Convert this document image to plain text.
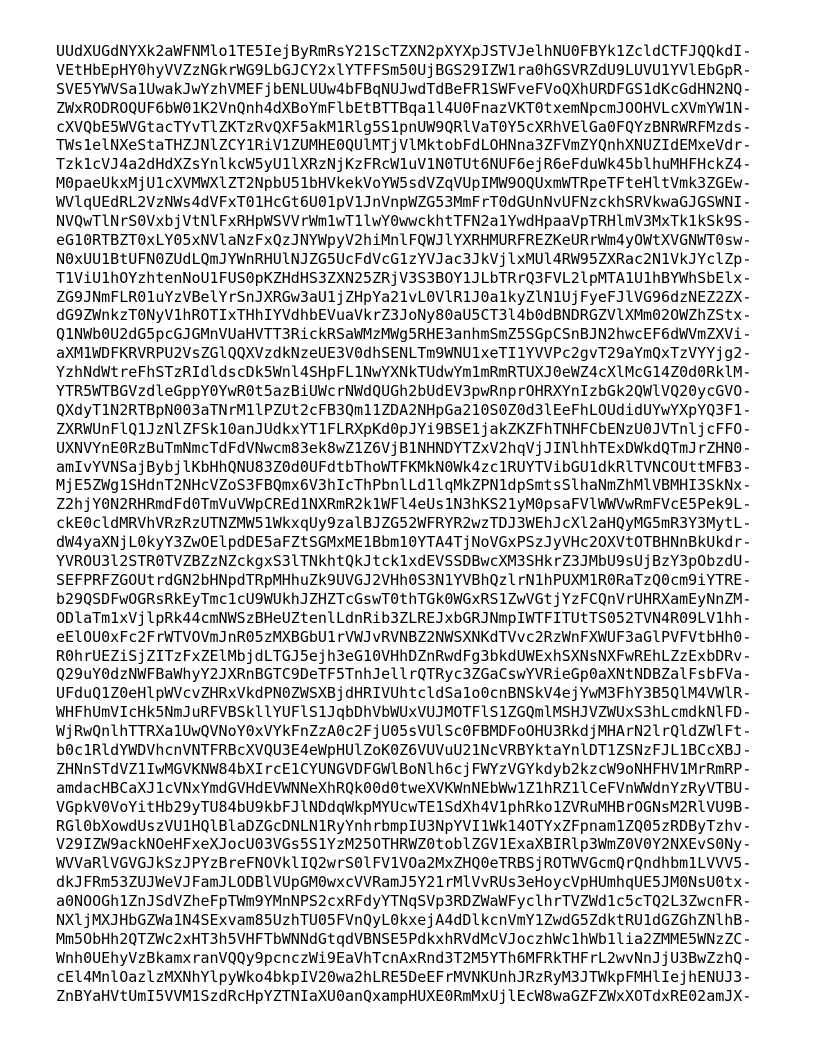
UUdXUGdNYXk2aWFNMlo1TE5IejByRmRsY21ScTZXN2pXYXpJSTVJelhNU0FBYk1ZcldCTFJQQkdI-
VEtHbEpHY0hyVVZzNGkrWG9LbGJCY2xlYTFFSm50UjBGS29IZW1ra0hGSVRZdU9LUVU1YVlEbGpR-
SVE5YWVSa1UwakJwYzhVMEFjbENLUUw4bFBqNUJwdTdBeFR1SWFveFVoQXhURDFGS1dKcGdHN2NQ-
ZWxRODROQUF6bW01K2VnQnh4dXBoYmFlbEtBTTBqa1l4U0FnazVKT0txemNpcmJOOHVLcXVmYW1N-
cXVQbE5WVGtacTYvTlZKTzRvQXF5akM1Rlg5S1pnUW9QRlVaT0Y5cXRhVElGa0FQYzBNRWRFMzds-
TWs1elNXeStaTHZJNlZCY1RiV1ZUMHE0QUlMTjVlMktobFdLOHNna3ZFVmZYQnhXNUZIdEMxeVdr-
Tzk1cVJ4a2dHdXZsYnlkcW5yU1lXRzNjKzFRcW1uV1N0TUt6NUF6ejR6eFduWk45blhuMHFHckZ4-
M0paeUkxMjU1cXVMWXlZT2NpbU51bHVkekVoYW5sdVZqVUpIMW9OQUxmWTRpeTFteHltVmk3ZGEw-
WVlqUEdRL2VzNWs4dVFxT01HcGt6U01pV1JnVnpWZG53MmFrT0dGUnNvUFNzckhSRVkwaGJGSWNI-
NVQwTlNrS0VxbjVtNlFxRHpWSVVrWm1wT1lwY0wwckhtTFN2a1YwdHpaaVpTRHlmV3MxTk1kSk9S-
eG10RTBZT0xLY05xNVlaNzFxQzJNYWpyV2hiMnlFQWJlYXRHMURFREZKeURrWm4yOWtXVGNWT0sw-
N0xUU1BtUFN0ZUdLQmJYWnRHUlNJZG5UcFdVcG1zYVJac3JkVjlxMUl4RW95ZXRac2N1VkJYclZp-
T1ViU1hOYzhtenNoU1FUS0pKZHdHS3ZXN25ZRjV3S3BOY1JLbTRrQ3FVL2lpMTA1U1hBYWhSbElx-
ZG9JNmFLR01uYzVBelYrSnJXRGw3aU1jZHpYa21vL0VlR1J0a1kyZlN1UjFyeFJlVG96dzNEZ2ZX-
dG9ZWnkzT0NyV1hROTIxTHhIYVdhbEVuaVkrZ3JoNy80aU5CT3l4b0dBNDRGZVlXMm02OWZhZStx-
Q1NWb0U2dG5pcGJGMnVUaHVTT3RickRSaWMzMWg5RHE3anhmSmZ5SGpCSnBJN2hwcEF6dWVmZXVi-
aXM1WDFKRVRPU2VsZGlQQXVzdkNzeUE3V0dhSENLTm9WNU1xeTI1YVVPc2gvT29aYmQxTzVYYjg2-
YzhNdWtreFhSTzRIdldscDk5Wnl4SHpFL1NwYXNkTUdwYm1mRmRTUXJ0eWZ4cXlMcG14Z0d0RklM-
YTR5WTBGVzdleGppY0YwR0t5azBiUWcrNWdQUGh2bUdEV3pwRnprOHRXYnIzbGk2QWlVQ20ycGVO-
QXdyT1N2RTBpN003aTNrM1lPZUt2cFB3Qm11ZDA2NHpGa210S0Z0d3lEeFhLOUdidUYwYXpYQ3F1-
ZXRWUnFlQ1JzNlZFSk10anJUdkxYT1FLRXpKd0pJYi9BSE1jakZKZFhTNHFCbENzU0JVTnljcFFO-
UXNVYnE0RzBuTmNmcTdFdVNwcm83ek8wZ1Z6VjB1NHNDYTZxV2hqVjJINlhhTExDWkdQTmJrZHN0-
amIvYVNSajBybjlKbHhQNU83Z0d0UFdtbThoWTFKMkN0Wk4zc1RUYTVibGU1dkRlTVNCOUttMFB3-
MjE5ZWg1SHdnT2NHcVZoS3FBQmx6V3hIcThPbnlLd1lqMkZPN1dpSmtsSlhaNmZhMlVBMHI3SkNx-
Z2hjY0N2RHRmdFd0TmVuVWpCREd1NXRmR2k1WFl4eUs1N3hKS21yM0psaFVlWWVwRmFVcE5Pek9L-
ckE0cldMRVhVRzRzUTNZMW51WkxqUy9zalBJZG52WFRYR2wzTDJ3WEhJcXl2aHQyMG5mR3Y3MytL-
dW4yaXNjL0kyY3ZwOElpdDE5aFZtSGMxME1Bbm10YTA4TjNoVGxPSzJyVHc2OXVtOTBHNnBkUkdr-
YVROU3l2STR0TVZBZzNZckgxS3lTNkhtQkJtck1xdEVSSDBwcXM3SHkrZ3JMbU9sUjBzY3pObzdU-
SEFPRFZGOUtrdGN2bHNpdTRpMHhuZk9UVGJ2VHh0S3N1YVBhQzlrN1hPUXM1R0RaTzQ0cm9iYTRE-
b29QSDFwOGRsRkEyTmc1cU9WUkhJZHZTcGswT0thTGk0WGxRS1ZwVGtjYzFCQnVrUHRXamEyNnZM-
ODlaTm1xVjlpRk44cmNWSzBHeUZtenlLdnRib3ZLREJxbGRJNmpIWTFITUtTS052TVN4R09LV1hh-
eElOU0xFc2FrWTVOVmJnR05zMXBGbU1rVWJvRVNBZ2NWSXNKdTVvc2RzWnFXWUF3aGlPVFVtbHh0-
R0hrUEZiSjZITzFxZElMbjdLTGJ5ejh3eG10VHhDZnRwdFg3bkdUWExhSXNsNXFwREhLZzExbDRv-
Q29uY0dzNWFBaWhyY2JXRnBGTC9DeTF5TnhJellrQTRyc3ZGaCswYVRieGp0aXNtNDBZalFsbFVa-
UFduQ1Z0eHlpWVcvZHRxVkdPN0ZWSXBjdHRIVUhtcldSa1o0cnBNSkV4ejYwM3FhY3B5QlM4VWlR-
WHFhUmVIcHk5NmJuRFVBSkllYUFlS1JqbDhVbWUxVUJMOTFlS1ZGQmlMSHJVZWUxS3hLcmdkNlFD-
WjRwQnlhTTRXa1UwQVNoY0xVYkFnZzA0c2FjU05sVUlSc0FBMDFoOHU3RkdjMHArN2lrQldZWlFt-
b0c1RldYWDVhcnVNTFRBcXVQU3E4eWpHUlZoK0Z6VUVuU21NcVRBYktaYnlDT1ZSNzFJL1BCcXBJ-
ZHNnSTdVZ1IwMGVKNW84bXIrcE1CYUNGVDFGWlBoNlh6cjFWYzVGYkdyb2kzcW9oNHFHV1MrRmRP-
amdacHBCaXJ1cVNxYmdGVHdEVWNNeXhRQk00d0tweXVKWnNEbWw1Z1hRZ1lCeFVnWWdnYzRyVTBU-
VGpkV0VoYitHb29yTU84bU9kbFJlNDdqWkpMYUcwTE1SdXh4V1phRko1ZVRuMHBrOGNsM2RlVU9B-
RGl0bXowdUszVU1HQlBlaDZGcDNLN1RyYnhrbmpIU3NpYVI1Wk14OTYxZFpnam1ZQ05zRDByTzhv-
V29IZW9ackNOeHFxeXJocU03VGs5S1YzM25OTHRWZ0toblZGV1ExaXBIRlp3WmZ0V0Y2NXEvS0Ny-
WVVaRlVGVGJkSzJPYzBreFNOVklIQ2wrS0lFV1VOa2MxZHQ0eTRBSjROTWVGcmQrQndhbm1LVVV5-
dkJFRm53ZUJWeVJFamJLODBlVUpGM0wxcVVRamJ5Y21rMlVvRUs3eHoycVpHUmhqUE5JM0NsU0tx-
a0NOOGh1ZnJSdVZheFpTWm9YMnNPS2cxRFdyYTNqSVp3RDZWaWFyclhrTVZWd1c5cTQ2L3ZwcnFR-
NXljMXJHbGZWa1N4SExvam85UzhTU05FVnQyL0kxejA4dDlkcnVmY1ZwdG5ZdktRU1dGZGhZNlhB-
Mm5ObHh2QTZWc2xHT3h5VHFTbWNNdGtqdVBNSE5PdkxhRVdMcVJoczhWc1hWb1lia2ZMME5WNzZC-
Wnh0UEhyVzBkamxranVQQy9pcnczWi9EaVhTcnAxRnd3T2M5YTh6MFRkTHFrL2wvNnJjU3BwZzhQ-
cEl4MnlOazlzMXNhYlpyWko4bkpIV20wa2hLRE5DeEFrMVNKUnhJRzRyM3JTWkpFMHlIejhENUJ3-
ZnBYaHVtUmI5VVM1SzdRcHpYZTNIaXU0anQxampHUXE0RmMxUjlEcW8waGZFZWxXOTdxRE02amJX-
